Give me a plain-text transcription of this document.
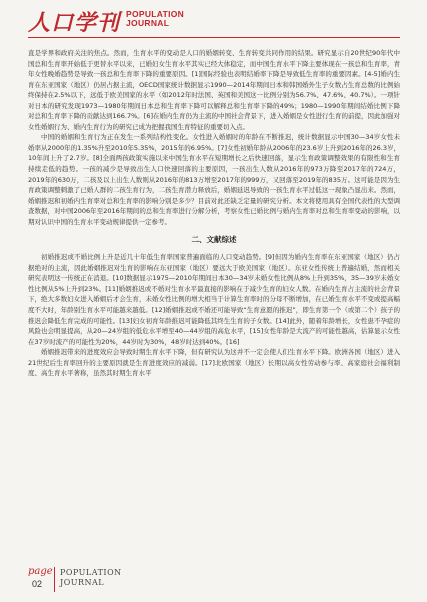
人口学刊 POPULATION
JOURNAL

直是学界和政府关注的焦点。然而，生育水平的变动是人口的婚姻转变、生育转变共同作用的结果。研究显示自20世纪90年代中国总和生育率开始低于更替水平以来，已婚妇女生育水平其实已经大体稳定，而中国生育水平下降主要体现在一孩总和生育率，青年女性晚婚趋势是导致一孩总和生育率下降的重要原因。[1]国际经验也表明结婚率下降是导致低生育率的重要因素。[4-5]婚内生育在东亚国家（地区）仍居占据主流，OECD国家统计数据显示1990—2014年期间日本和韩国婚外生子女数占生育总数的比例始终保持在2.5%以下，远低于欧美国家的水平（如2012年时法国、英国和美国这一比例分别为56.7%、47.6%、40.7%）。一项针对日本的研究发现1973—1980年期间日本总和生育率下降可以解释总和生育率下降的49%；1980—1990年期间结婚比例下降对总和生育率下降的贡献达到166.7%。[6]在婚内生育仍为主流的中国社会背景下，进入婚姻是女性进行生育的前提，因此加强对女性婚姻行为、婚内生育行为的研究已成为把握我国生育特征的重要切入点。

中国的婚姻和生育行为正在发生一系列结构性变化。女性进入婚姻时的年龄在不断推迟，统计数据显示中国30—34岁女性未婚率从2000年的1.35%升至2010年5.35%，2015年的6.95%。[7]女性初婚年龄从2006年的23.6岁上升到2016年的26.3岁，10年间上升了2.7岁。[8]全面两孩政策实施以来中国生育水平在短期增长之后快速回落，显示生育政策调整效果的有限性和生育持续走低的趋势。一孩的减少是导致出生人口快速回落的主要原因，一孩出生人数从2016年的973万降至2017年的724万，2019年的630万，二孩及以上出生人数则从2016年的813万增至2017年的999万，又回落至2019年的835万。这可能是因为生育政策调整刺激了已婚人群的二孩生育行为，二孩生育潜力释放后，婚姻延迟导致的一孩生育水平过低这一现象凸显出来。然而，婚姻推迟和初婚内生育率对总和生育率的影响分别是多少？目前对此还缺乏定量的研究分析。本文将使用具有全国代表性的大型调查数据，对中国2006年至2016年期间的总和生育率进行分解分析，考察女性已婚比例与婚内生育率对总和生育率变动的影响，以期对认识中国的生育水平变动规律提供一定参考。

二、文献综述

初婚推迟或不婚比例上升是近几十年低生育率国家普遍面临的人口变动趋势。[9]但因为婚内生育率在东亚国家（地区）仍占据绝对的主流，因此婚姻推迟对生育的影响在东亚国家（地区）要远大于欧美国家（地区）。东亚女性传统上普遍结婚，然而相关研究表明这一传统正在消退。[10]数据显示1975—2010年期间日本30—34岁未婚女性比例从8%上升到35%，35—39岁未婚女性比例从5%上升到23%。[11]婚姻推迟或不婚对生育水平最直接的影响在于减少生育的妇女人数。在婚内生育占主流的社会背景下，绝大多数妇女进入婚姻后才会生育，未婚女性比例的增大相当于计算生育率时的分母不断增加，在已婚生育水平不变或提高幅度不大时，年龄别生育水平可能越来越低。[12]婚姻推迟或不婚还可能导致“生育意愿的推迟”，即生育第一个（或第二个）孩子的推迟会降低生育完成的可能性。[13]妇女初育年龄推迟可能降低其终生生育的子女数。[14]此外，随着年龄增长，女性患不孕症的风险也会明显提高，从20—24岁组的低危水平增至40—44岁组的高危水平，[15]女性年龄是大流产的可能性越高，估算显示女性在37岁时流产的可能性为20%，44岁时为30%，48岁时达到40%。[16]

婚姻推迟带来的进度效应会导致时期生育水平下降，但有研究认为这并不一定会使人们生育水平下降。欧洲各国（地区）进入21世纪后生育率回升的主要原因就是生育进度效应的减弱。[17]北欧国家（地区）长期以高女性劳动参与率、高家庭社会福利制度、高生育水平著称，虽然其时期生育水平

page
02
POPULATION
JOURNAL
